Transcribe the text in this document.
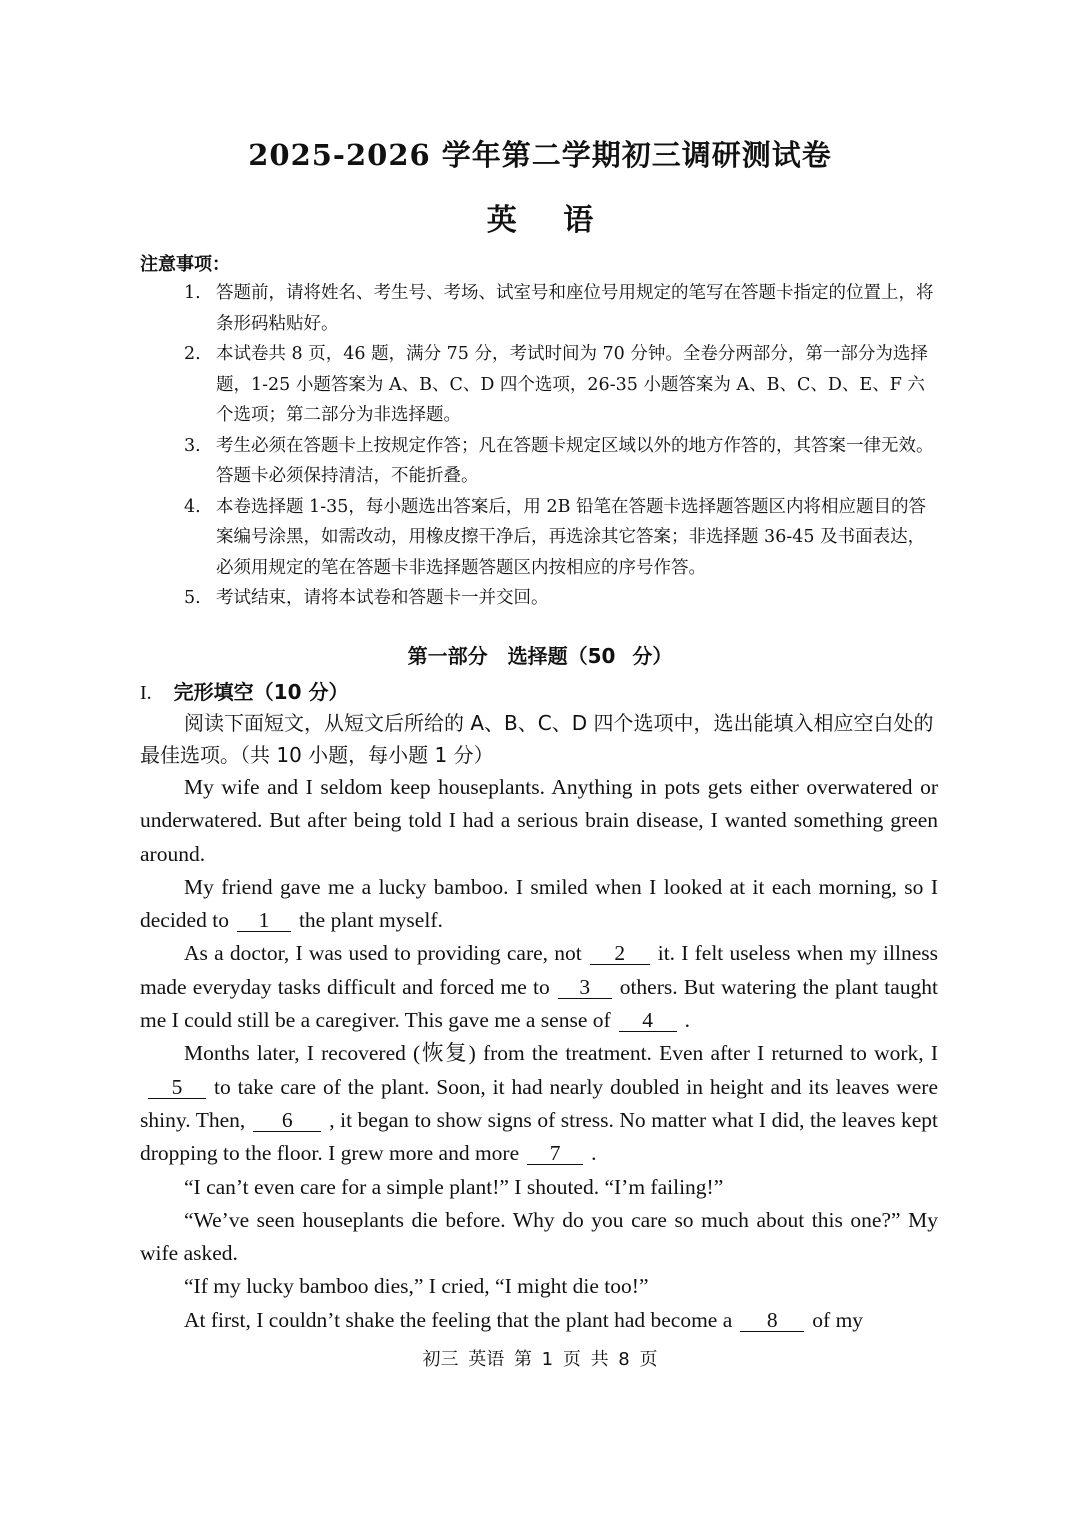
2025-2026 学年第二学期初三调研测试卷
英 语
注意事项：
1. 答题前，请将姓名、考生号、考场、试室号和座位号用规定的笔写在答题卡指定的位置上，将条形码粘贴好。
2. 本试卷共 8 页，46 题，满分 75 分，考试时间为 70 分钟。全卷分两部分，第一部分为选择题，1-25 小题答案为 A、B、C、D 四个选项，26-35 小题答案为 A、B、C、D、E、F 六个选项；第二部分为非选择题。
3. 考生必须在答题卡上按规定作答；凡在答题卡规定区域以外的地方作答的，其答案一律无效。答题卡必须保持清洁，不能折叠。
4. 本卷选择题 1-35，每小题选出答案后，用 2B 铅笔在答题卡选择题答题区内将相应题目的答案编号涂黑，如需改动，用橡皮擦干净后，再选涂其它答案；非选择题 36-45 及书面表达，必须用规定的笔在答题卡非选择题答题区内按相应的序号作答。
5. 考试结束，请将本试卷和答题卡一并交回。
第一部分　选择题（50 分）
I. 完形填空（10 分）
阅读下面短文，从短文后所给的 A、B、C、D 四个选项中，选出能填入相应空白处的最佳选项。（共 10 小题，每小题 1 分）

My wife and I seldom keep houseplants. Anything in pots gets either overwatered or underwatered. But after being told I had a serious brain disease, I wanted something green around.

My friend gave me a lucky bamboo. I smiled when I looked at it each morning, so I decided to 1 the plant myself.

As a doctor, I was used to providing care, not 2 it. I felt useless when my illness made everyday tasks difficult and forced me to 3 others. But watering the plant taught me I could still be a caregiver. This gave me a sense of 4 .

Months later, I recovered (恢复) from the treatment. Even after I returned to work, I5 to take care of the plant. Soon, it had nearly doubled in height and its leaves were shiny. Then, 6 , it began to show signs of stress. No matter what I did, the leaves kept dropping to the floor. I grew more and more 7 .

“I can’t even care for a simple plant!” I shouted. “I’m failing!”

“We’ve seen houseplants die before. Why do you care so much about this one?” My wife asked.

“If my lucky bamboo dies,” I cried, “I might die too!”

At first, I couldn’t shake the feeling that the plant had become a 8 of my

初三 英语 第 1 页 共 8 页
